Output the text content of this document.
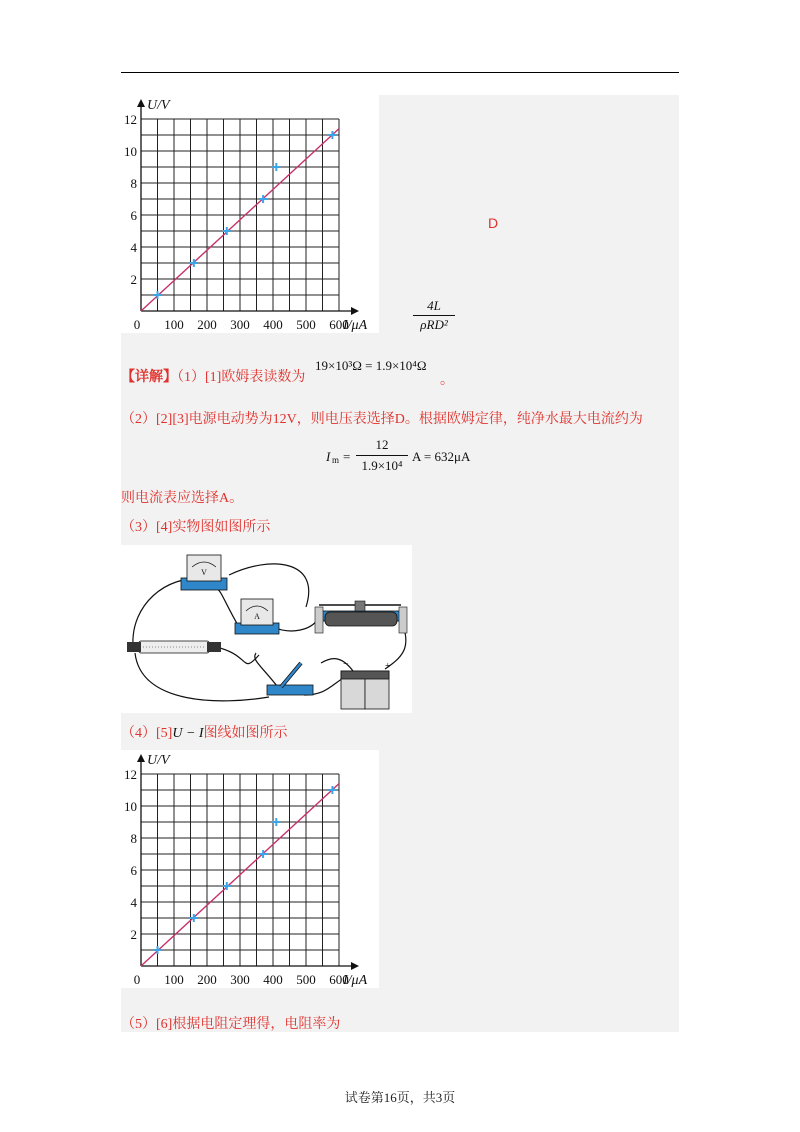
2
4
6
8
10
12
0 100 200 300 400 500 600
U/V
I/μA
D
4L
ρRD²
【详解】（1）[1]欧姆表读数为
19×10³Ω = 1.9×10⁴Ω
。
（2）[2][3]电源电动势为12V，则电压表选择D。根据欧姆定律，纯净水最大电流约为
I m =
12
1.9×10⁴
A = 632μA
则电流表应选择A。
（3）[4]实物图如图所示
V
A
−	+
（4）[5]U − I图线如图所示
2
4
6
8
10
12
0 100 200 300 400 500 600
U/V
I/μA
（5）[6]根据电阻定理得，电阻率为
试卷第16页，共3页
